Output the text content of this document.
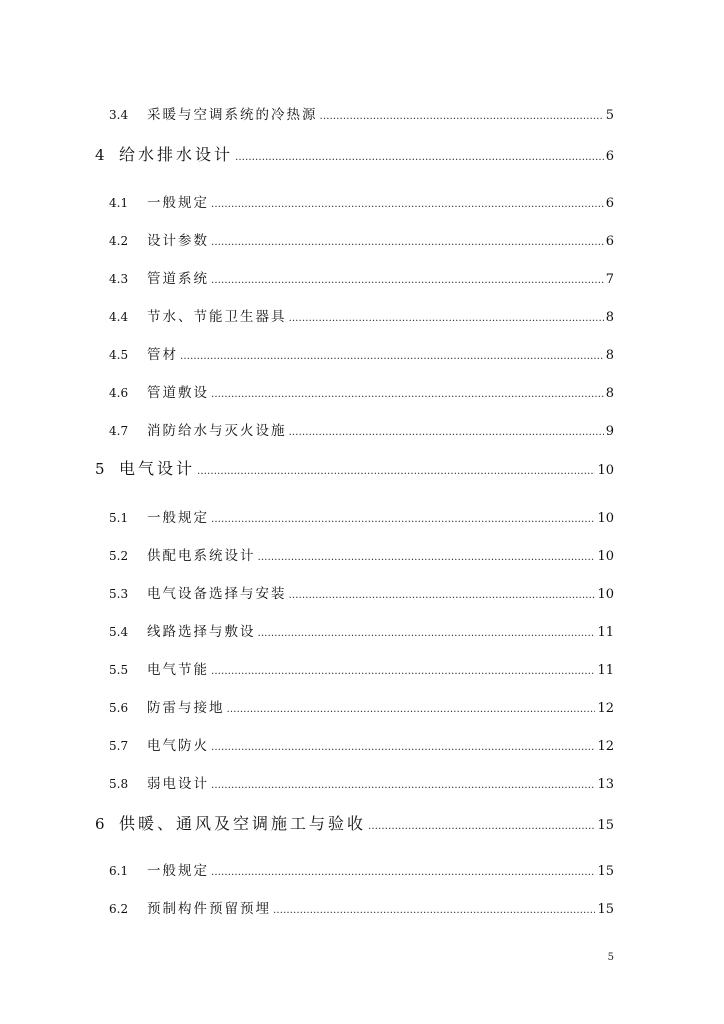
3.4	采暖与空调系统的冷热源 ……………………………………………………………………………………………………………………………………………………………………………………	5
4 给水排水设计 ……………………………………………………………………………………………………………………………………………………………………………………	6
4.1	一般规定 ……………………………………………………………………………………………………………………………………………………………………………………	6
4.2	设计参数 ……………………………………………………………………………………………………………………………………………………………………………………	6
4.3	管道系统 ……………………………………………………………………………………………………………………………………………………………………………………	7
4.4	节水、节能卫生器具 ……………………………………………………………………………………………………………………………………………………………………………………	8
4.5	管材 ……………………………………………………………………………………………………………………………………………………………………………………	8
4.6	管道敷设 ……………………………………………………………………………………………………………………………………………………………………………………	8
4.7	消防给水与灭火设施 ……………………………………………………………………………………………………………………………………………………………………………………	9
5 电气设计 ……………………………………………………………………………………………………………………………………………………………………………………	10
5.1	一般规定 ……………………………………………………………………………………………………………………………………………………………………………………	10
5.2	供配电系统设计 ……………………………………………………………………………………………………………………………………………………………………………………	10
5.3	电气设备选择与安装 ……………………………………………………………………………………………………………………………………………………………………………………	10
5.4	线路选择与敷设 ……………………………………………………………………………………………………………………………………………………………………………………	11
5.5	电气节能 ……………………………………………………………………………………………………………………………………………………………………………………	11
5.6	防雷与接地 ……………………………………………………………………………………………………………………………………………………………………………………	12
5.7	电气防火 ……………………………………………………………………………………………………………………………………………………………………………………	12
5.8	弱电设计 ……………………………………………………………………………………………………………………………………………………………………………………	13
6 供暖、通风及空调施工与验收 ……………………………………………………………………………………………………………………………………………………………………………………	15
6.1	一般规定 ……………………………………………………………………………………………………………………………………………………………………………………	15
6.2	预制构件预留预埋 ……………………………………………………………………………………………………………………………………………………………………………………	15
5
